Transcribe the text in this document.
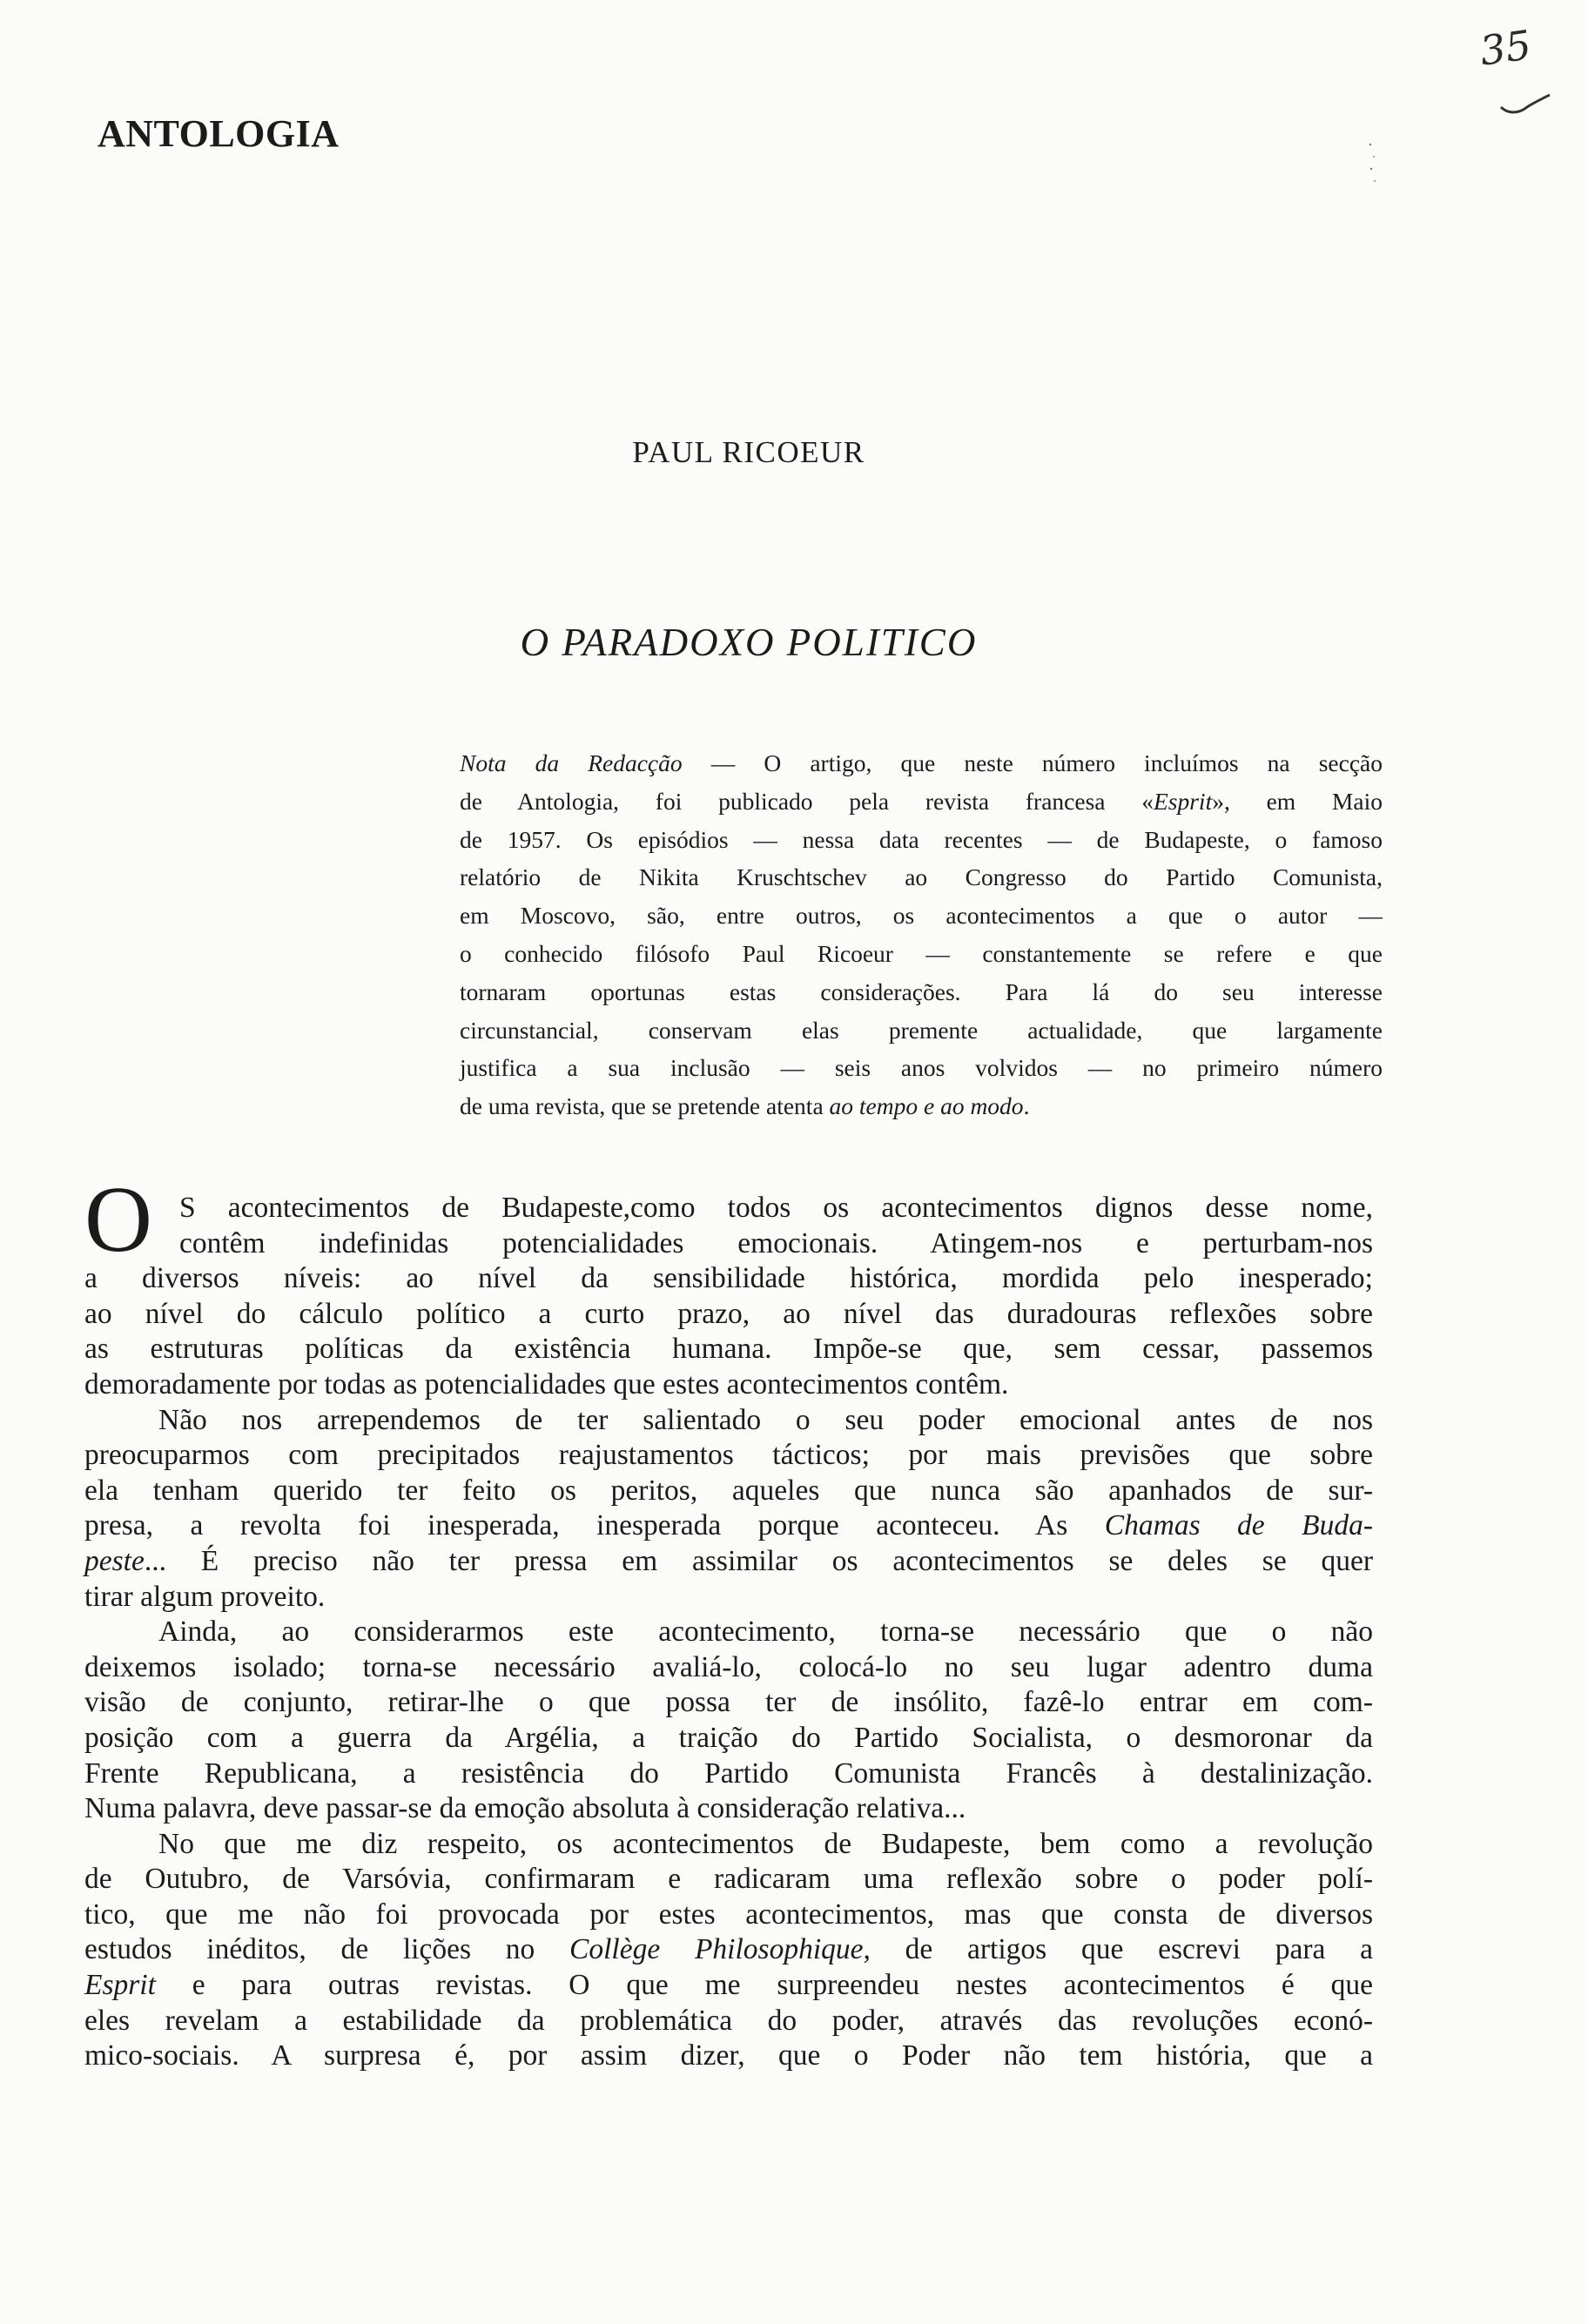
35
ANTOLOGIA
PAUL RICOEUR
O PARADOXO POLITICO
Nota da Redacção — O artigo, que neste número incluímos na secção
de Antologia, foi publicado pela revista francesa «Esprit», em Maio
de 1957. Os episódios — nessa data recentes — de Budapeste, o famoso
relatório de Nikita Kruschtschev ao Congresso do Partido Comunista,
em Moscovo, são, entre outros, os acontecimentos a que o autor —
o conhecido filósofo Paul Ricoeur — constantemente se refere e que
tornaram oportunas estas considerações. Para lá do seu interesse
circunstancial, conservam elas premente actualidade, que largamente
justifica a sua inclusão — seis anos volvidos — no primeiro número
de uma revista, que se pretende atenta ao tempo e ao modo.
O S acontecimentos de Budapeste,como todos os acontecimentos dignos desse nome,
contêm indefinidas potencialidades emocionais. Atingem-nos e perturbam-nos
a diversos níveis: ao nível da sensibilidade histórica, mordida pelo inesperado;
ao nível do cálculo político a curto prazo, ao nível das duradouras reflexões sobre
as estruturas políticas da existência humana. Impõe-se que, sem cessar, passemos
demoradamente por todas as potencialidades que estes acontecimentos contêm.
Não nos arrependemos de ter salientado o seu poder emocional antes de nos
preocuparmos com precipitados reajustamentos tácticos; por mais previsões que sobre
ela tenham querido ter feito os peritos, aqueles que nunca são apanhados de sur-
presa, a revolta foi inesperada, inesperada porque aconteceu. As Chamas de Buda-
peste... É preciso não ter pressa em assimilar os acontecimentos se deles se quer
tirar algum proveito.
Ainda, ao considerarmos este acontecimento, torna-se necessário que o não
deixemos isolado; torna-se necessário avaliá-lo, colocá-lo no seu lugar adentro duma
visão de conjunto, retirar-lhe o que possa ter de insólito, fazê-lo entrar em com-
posição com a guerra da Argélia, a traição do Partido Socialista, o desmoronar da
Frente Republicana, a resistência do Partido Comunista Francês à destalinização.
Numa palavra, deve passar-se da emoção absoluta à consideração relativa...
No que me diz respeito, os acontecimentos de Budapeste, bem como a revolução
de Outubro, de Varsóvia, confirmaram e radicaram uma reflexão sobre o poder polí-
tico, que me não foi provocada por estes acontecimentos, mas que consta de diversos
estudos inéditos, de lições no Collège Philosophique, de artigos que escrevi para a
Esprit e para outras revistas. O que me surpreendeu nestes acontecimentos é que
eles revelam a estabilidade da problemática do poder, através das revoluções econó-
mico-sociais. A surpresa é, por assim dizer, que o Poder não tem história, que a
